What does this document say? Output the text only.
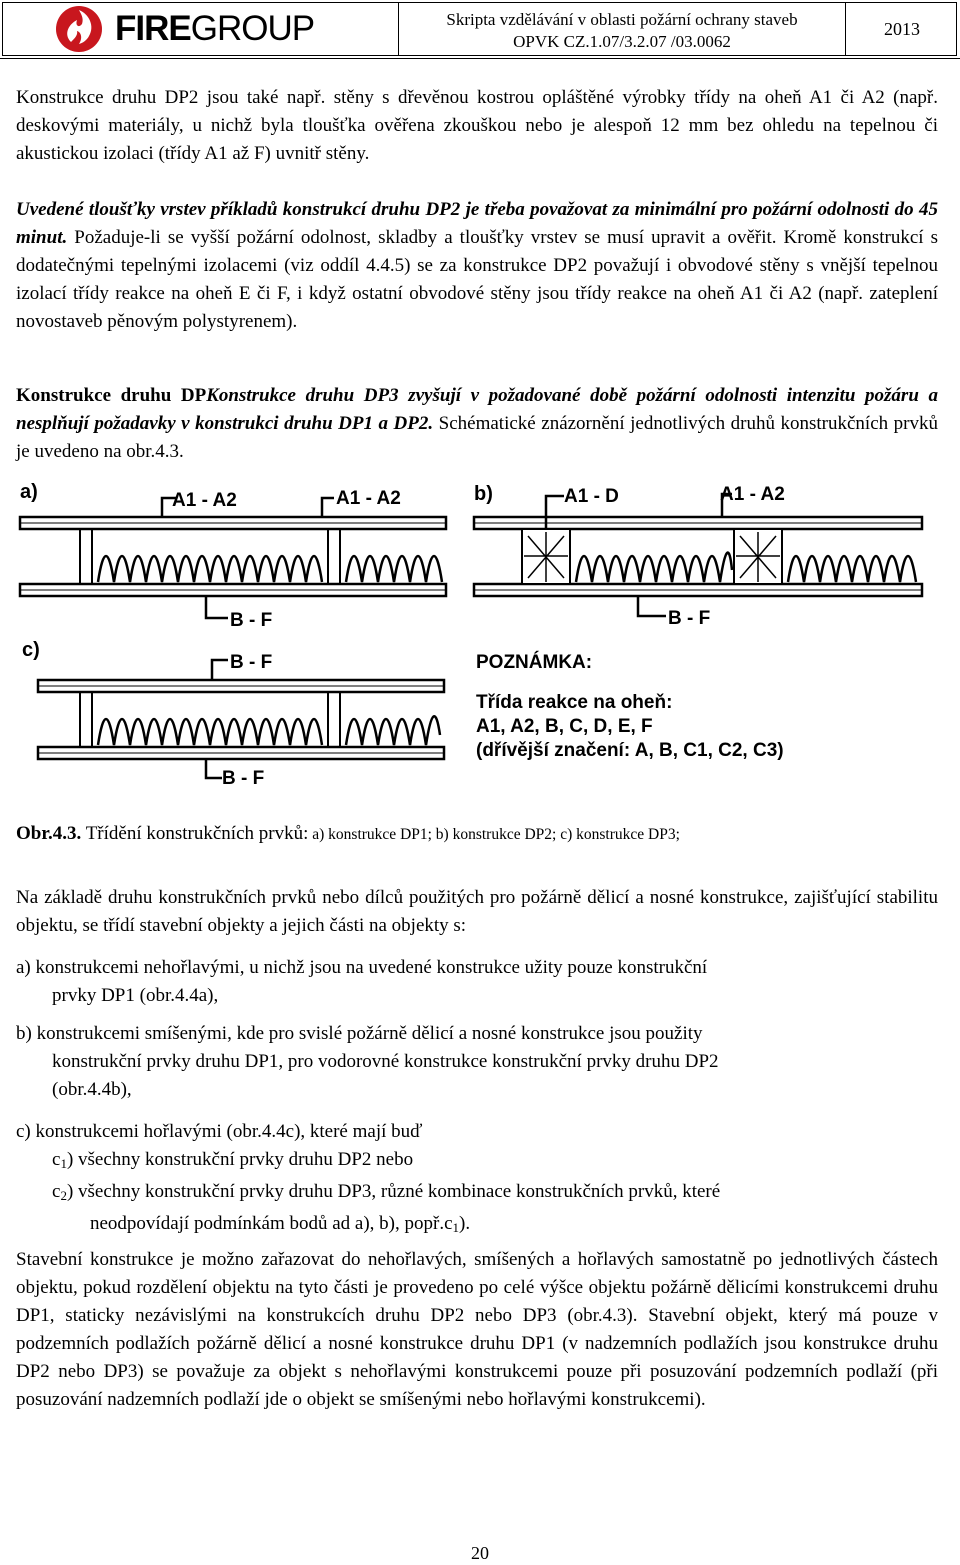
FIREGROUP	Skripta vzdělávání v oblasti požární ochrany staveb
OPVK CZ.1.07/3.2.07 /03.0062
2013

Konstrukce druhu DP2 jsou také např. stěny s dřevěnou kostrou opláštěné výrobky třídy na oheň A1 či A2 (např. deskovými materiály, u nichž byla tloušťka ověřena zkouškou nebo je alespoň 12 mm bez ohledu na tepelnou či akustickou izolaci (třídy A1 až F) uvnitř stěny.

Uvedené tloušťky vrstev příkladů konstrukcí druhu DP2 je třeba považovat za minimální pro požární odolnosti do 45 minut. Požaduje-li se vyšší požární odolnost, skladby a tloušťky vrstev se musí upravit a ověřit. Kromě konstrukcí s dodatečnými tepelnými izolacemi (viz oddíl 4.4.5) se za konstrukce DP2 považují i obvodové stěny s vnější tepelnou izolací třídy reakce na oheň E či F, i když ostatní obvodové stěny jsou třídy reakce na oheň A1 či A2 (např. zateplení novostaveb pěnovým polystyrenem).

Konstrukce druhu DPKonstrukce druhu DP3 zvyšují v požadované době požární odolnosti intenzitu požáru a nesplňují požadavky v konstrukci druhu DP1 a DP2. Schématické znázornění jednotlivých druhů konstrukčních prvků je uvedeno na obr.4.3.

a)	A1 - A2	A1 - A2
B - F
b)	A1 - D	A1 - A2
B - F
c)
B - F
B - F
POZNÁMKA:
Třída reakce na oheň:
A1, A2, B, C, D, E, F
(dřívější značení: A, B, C1, C2, C3)
Obr.4.3. Třídění konstrukčních prvků: a) konstrukce DP1; b) konstrukce DP2; c) konstrukce DP3;

Na základě druhu konstrukčních prvků nebo dílců použitých pro požárně dělicí a nosné konstrukce, zajišťující stabilitu objektu, se třídí stavební objekty a jejich části na objekty s:

a) konstrukcemi nehořlavými, u nichž jsou na uvedené konstrukce užity pouze konstrukční
prvky DP1 (obr.4.4a),
b) konstrukcemi smíšenými, kde pro svislé požárně dělicí a nosné konstrukce jsou použity
konstrukční prvky druhu DP1, pro vodorovné konstrukce konstrukční prvky druhu DP2
(obr.4.4b),
c) konstrukcemi hořlavými (obr.4.4c), které mají buď
$c_1$) všechny konstrukční prvky druhu DP2 nebo
$c_2$) všechny konstrukční prvky druhu DP3, různé kombinace konstrukčních prvků, které
neodpovídají podmínkám bodů ad a), b), $popř.c_1$).

Stavební konstrukce je možno zařazovat do nehořlavých, smíšených a hořlavých samostatně po jednotlivých částech objektu, pokud rozdělení objektu na tyto části je provedeno po celé výšce objektu požárně dělicími konstrukcemi druhu DP1, staticky nezávislými na konstrukcích druhu DP2 nebo DP3 (obr.4.3). Stavební objekt, který má pouze v podzemních podlažích požárně dělicí a nosné konstrukce druhu DP1 (v nadzemních podlažích jsou konstrukce druhu DP2 nebo DP3) se považuje za objekt s nehořlavými konstrukcemi pouze při posuzování podzemních podlaží (při posuzování nadzemních podlaží jde o objekt se smíšenými nebo hořlavými konstrukcemi).

20
